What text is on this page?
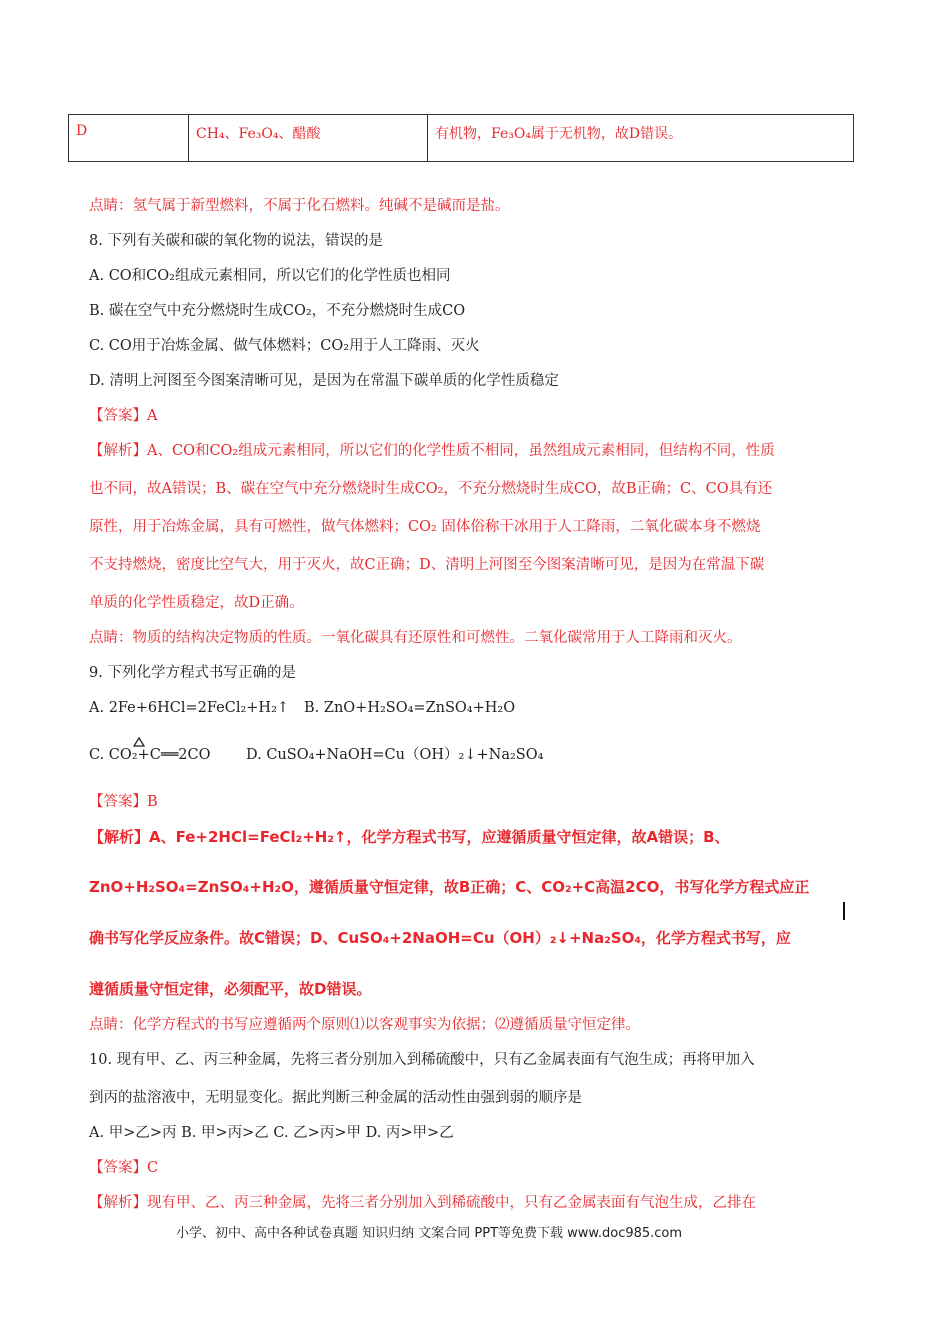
D	CH₄、Fe₃O₄、醋酸	有机物，Fe₃O₄属于无机物，故D错误。
点睛：氢气属于新型燃料，不属于化石燃料。纯碱不是碱而是盐。
8. 下列有关碳和碳的氧化物的说法，错误的是
A. CO和CO₂组成元素相同，所以它们的化学性质也相同
B. 碳在空气中充分燃烧时生成CO₂，不充分燃烧时生成CO
C. CO用于冶炼金属、做气体燃料；CO₂用于人工降雨、灭火
D. 清明上河图至今图案清晰可见，是因为在常温下碳单质的化学性质稳定
【答案】A
【解析】A、CO和CO₂组成元素相同，所以它们的化学性质不相同，虽然组成元素相同，但结构不同，性质
也不同，故A错误；B、碳在空气中充分燃烧时生成CO₂，不充分燃烧时生成CO，故B正确；C、CO具有还
原性，用于冶炼金属，具有可燃性，做气体燃料；CO₂ 固体俗称干冰用于人工降雨，二氧化碳本身不燃烧
不支持燃烧，密度比空气大，用于灭火，故C正确；D、清明上河图至今图案清晰可见，是因为在常温下碳
单质的化学性质稳定，故D正确。
点睛：物质的结构决定物质的性质。一氧化碳具有还原性和可燃性。二氧化碳常用于人工降雨和灭火。
9. 下列化学方程式书写正确的是
A. 2Fe+6HCl=2FeCl₂+H₂↑ B. ZnO+H₂SO₄=ZnSO₄+H₂O
C. CO₂+C══2CO D. CuSO₄+NaOH=Cu（OH）₂↓+Na₂SO₄
【答案】B
【解析】A、Fe+2HCl=FeCl₂+H₂↑，化学方程式书写，应遵循质量守恒定律，故A错误；B、
ZnO+H₂SO₄=ZnSO₄+H₂O，遵循质量守恒定律，故B正确；C、CO₂+C高温2CO，书写化学方程式应正
确书写化学反应条件。故C错误；D、CuSO₄+2NaOH=Cu（OH）₂↓+Na₂SO₄，化学方程式书写，应
遵循质量守恒定律，必须配平，故D错误。
点睛：化学方程式的书写应遵循两个原则⑴以客观事实为依据；⑵遵循质量守恒定律。
10. 现有甲、乙、丙三种金属，先将三者分别加入到稀硫酸中，只有乙金属表面有气泡生成；再将甲加入
到丙的盐溶液中，无明显变化。据此判断三种金属的活动性由强到弱的顺序是
A. 甲>乙>丙 B. 甲>丙>乙 C. 乙>丙>甲 D. 丙>甲>乙
【答案】C
【解析】现有甲、乙、丙三种金属，先将三者分别加入到稀硫酸中，只有乙金属表面有气泡生成，乙排在
小学、初中、高中各种试卷真题 知识归纳 文案合同 PPT等免费下载 www.doc985.com
